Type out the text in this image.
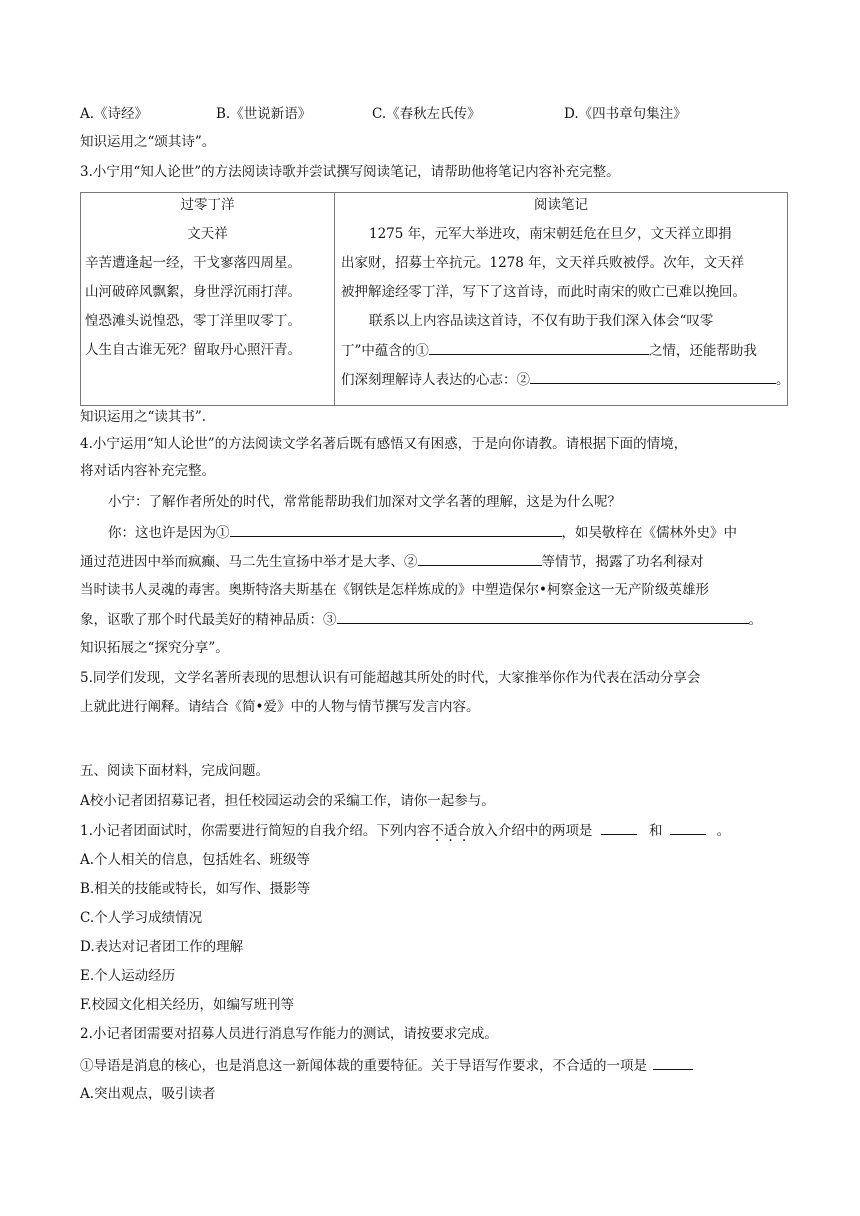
A.《诗经》	B.《世说新语》	C.《春秋左氏传》	D.《四书章句集注》
知识运用之“颂其诗”。
3.小宁用“知人论世”的方法阅读诗歌并尝试撰写阅读笔记，请帮助他将笔记内容补充完整。
过零丁洋
文天祥
辛苦遭逢起一经，干戈寥落四周星。
山河破碎风飘絮，身世浮沉雨打萍。
惶恐滩头说惶恐，零丁洋里叹零丁。
人生自古谁无死？留取丹心照汗青。

阅读笔记
1275 年，元军大举进攻，南宋朝廷危在旦夕，文天祥立即捐
出家财，招募士卒抗元。1278 年，文天祥兵败被俘。次年，文天祥
被押解途经零丁洋，写下了这首诗，而此时南宋的败亡已难以挽回。
联系以上内容品读这首诗，不仅有助于我们深入体会“叹零
丁”中蕴含的①	之情，还能帮助我
们深刻理解诗人表达的心志：②	。
知识运用之“读其书”.
4.小宁运用“知人论世”的方法阅读文学名著后既有感悟又有困惑，于是向你请教。请根据下面的情境，
将对话内容补充完整。
小宁：了解作者所处的时代，常常能帮助我们加深对文学名著的理解，这是为什么呢？
你：这也许是因为①	，如吴敬梓在《儒林外史》中
通过范进因中举而疯癫、马二先生宣扬中举才是大孝、②	等情节，揭露了功名利禄对
当时读书人灵魂的毒害。奥斯特洛夫斯基在《钢铁是怎样炼成的》中塑造保尔•柯察金这一无产阶级英雄形
象，讴歌了那个时代最美好的精神品质：③	。
知识拓展之“探究分享”。
5.同学们发现，文学名著所表现的思想认识有可能超越其所处的时代，大家推举你作为代表在活动分享会
上就此进行阐释。请结合《简•爱》中的人物与情节撰写发言内容。
五、阅读下面材料，完成问题。
A校小记者团招募记者，担任校园运动会的采编工作，请你一起参与。
1.小记者团面试时，你需要进行简短的自我介绍。下列内容不适合放入介绍中的两项是	和	。
A.个人相关的信息，包括姓名、班级等
B.相关的技能或特长，如写作、摄影等
C.个人学习成绩情况
D.表达对记者团工作的理解
E.个人运动经历
F.校园文化相关经历，如编写班刊等
2.小记者团需要对招募人员进行消息写作能力的测试，请按要求完成。
①导语是消息的核心，也是消息这一新闻体裁的重要特征。关于导语写作要求，不合适的一项是
A.突出观点，吸引读者
